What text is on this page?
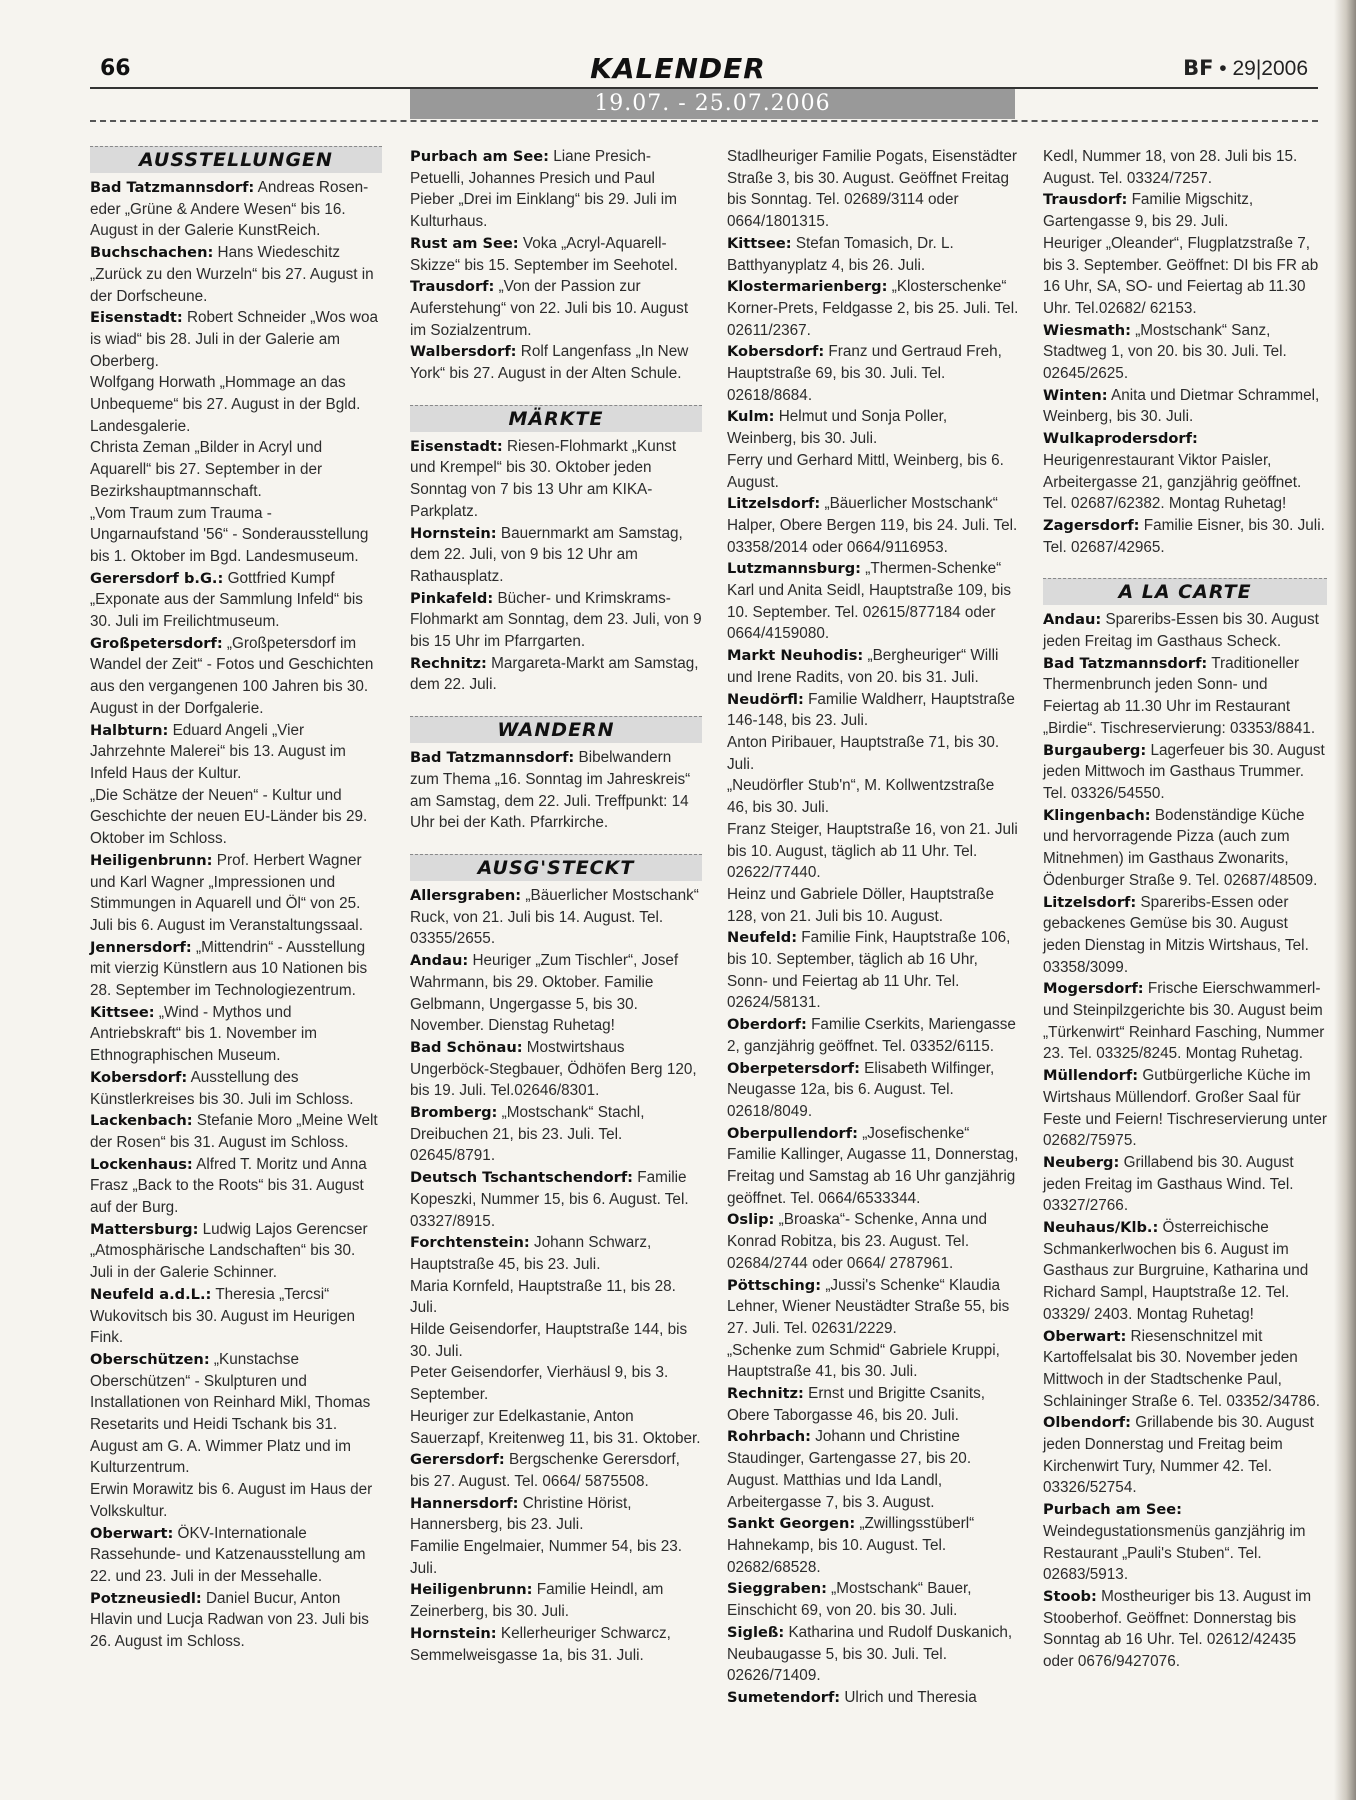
66	KALENDER	BF • 29|2006
19.07. - 25.07.2006
AUSSTELLUNGEN

Bad Tatzmannsdorf: Andreas Rosen-eder „Grüne & Andere Wesen“ bis 16. August in der Galerie KunstReich.

Buchschachen: Hans Wiedeschitz „Zurück zu den Wurzeln“ bis 27. August in der Dorfscheune.

Eisenstadt: Robert Schneider „Wos woa is wiad“ bis 28. Juli in der Galerie am Oberberg.

Wolfgang Horwath „Hommage an das Unbequeme“ bis 27. August in der Bgld. Landesgalerie.

Christa Zeman „Bilder in Acryl und Aquarell“ bis 27. September in der Bezirkshauptmannschaft.

„Vom Traum zum Trauma - Ungarnaufstand '56“ - Sonderausstellung bis 1. Oktober im Bgd. Landesmuseum.

Gerersdorf b.G.: Gottfried Kumpf „Exponate aus der Sammlung Infeld“ bis 30. Juli im Freilichtmuseum.

Großpetersdorf: „Großpetersdorf im Wandel der Zeit“ - Fotos und Geschichten aus den vergangenen 100 Jahren bis 30. August in der Dorfgalerie.

Halbturn: Eduard Angeli „Vier Jahrzehnte Malerei“ bis 13. August im Infeld Haus der Kultur.

„Die Schätze der Neuen“ - Kultur und Geschichte der neuen EU-Länder bis 29. Oktober im Schloss.

Heiligenbrunn: Prof. Herbert Wagner und Karl Wagner „Impressionen und Stimmungen in Aquarell und Öl“ von 25. Juli bis 6. August im Veranstaltungssaal.

Jennersdorf: „Mittendrin“ - Ausstellung mit vierzig Künstlern aus 10 Nationen bis 28. September im Technologiezentrum.

Kittsee: „Wind - Mythos und Antriebskraft“ bis 1. November im Ethnographischen Museum.

Kobersdorf: Ausstellung des Künstlerkreises bis 30. Juli im Schloss.

Lackenbach: Stefanie Moro „Meine Welt der Rosen“ bis 31. August im Schloss.

Lockenhaus: Alfred T. Moritz und Anna Frasz „Back to the Roots“ bis 31. August auf der Burg.

Mattersburg: Ludwig Lajos Gerencser „Atmosphärische Landschaften“ bis 30. Juli in der Galerie Schinner.

Neufeld a.d.L.: Theresia „Tercsi“ Wukovitsch bis 30. August im Heurigen Fink.

Oberschützen: „Kunstachse Oberschützen“ - Skulpturen und Installationen von Reinhard Mikl, Thomas Resetarits und Heidi Tschank bis 31. August am G. A. Wimmer Platz und im Kulturzentrum.

Erwin Morawitz bis 6. August im Haus der Volkskultur.

Oberwart: ÖKV-Internationale Rassehunde- und Katzenausstellung am 22. und 23. Juli in der Messehalle.

Potzneusiedl: Daniel Bucur, Anton Hlavin und Lucja Radwan von 23. Juli bis 26. August im Schloss.

Purbach am See: Liane Presich-Petuelli, Johannes Presich und Paul Pieber „Drei im Einklang“ bis 29. Juli im Kulturhaus.

Rust am See: Voka „Acryl-Aquarell-Skizze“ bis 15. September im Seehotel.

Trausdorf: „Von der Passion zur Auferstehung“ von 22. Juli bis 10. August im Sozialzentrum.

Walbersdorf: Rolf Langenfass „In New York“ bis 27. August in der Alten Schule.

MÄRKTE

Eisenstadt: Riesen-Flohmarkt „Kunst und Krempel“ bis 30. Oktober jeden Sonntag von 7 bis 13 Uhr am KIKA-Parkplatz.

Hornstein: Bauernmarkt am Samstag, dem 22. Juli, von 9 bis 12 Uhr am Rathausplatz.

Pinkafeld: Bücher- und Krimskrams-Flohmarkt am Sonntag, dem 23. Juli, von 9 bis 15 Uhr im Pfarrgarten.

Rechnitz: Margareta-Markt am Samstag, dem 22. Juli.

WANDERN

Bad Tatzmannsdorf: Bibelwandern zum Thema „16. Sonntag im Jahreskreis“ am Samstag, dem 22. Juli. Treffpunkt: 14 Uhr bei der Kath. Pfarrkirche.

AUSG'STECKT

Allersgraben: „Bäuerlicher Mostschank“ Ruck, von 21. Juli bis 14. August. Tel. 03355/2655.

Andau: Heuriger „Zum Tischler“, Josef Wahrmann, bis 29. Oktober. Familie Gelbmann, Ungergasse 5, bis 30. November. Dienstag Ruhetag!

Bad Schönau: Mostwirtshaus Ungerböck-Stegbauer, Ödhöfen Berg 120, bis 19. Juli. Tel.02646/8301.

Bromberg: „Mostschank“ Stachl, Dreibuchen 21, bis 23. Juli. Tel. 02645/8791.

Deutsch Tschantschendorf: Familie Kopeszki, Nummer 15, bis 6. August. Tel. 03327/8915.

Forchtenstein: Johann Schwarz, Hauptstraße 45, bis 23. Juli.

Maria Kornfeld, Hauptstraße 11, bis 28. Juli.

Hilde Geisendorfer, Hauptstraße 144, bis 30. Juli.

Peter Geisendorfer, Vierhäusl 9, bis 3. September.

Heuriger zur Edelkastanie, Anton Sauerzapf, Kreitenweg 11, bis 31. Oktober.

Gerersdorf: Bergschenke Gerersdorf, bis 27. August. Tel. 0664/ 5875508.

Hannersdorf: Christine Hörist, Hannersberg, bis 23. Juli.

Familie Engelmaier, Nummer 54, bis 23. Juli.

Heiligenbrunn: Familie Heindl, am Zeinerberg, bis 30. Juli.

Hornstein: Kellerheuriger Schwarcz, Semmelweisgasse 1a, bis 31. Juli.

Stadlheuriger Familie Pogats, Eisenstädter Straße 3, bis 30. August. Geöffnet Freitag bis Sonntag. Tel. 02689/3114 oder 0664/1801315.

Kittsee: Stefan Tomasich, Dr. L. Batthyanyplatz 4, bis 26. Juli.

Klostermarienberg: „Klosterschenke“ Korner-Prets, Feldgasse 2, bis 25. Juli. Tel. 02611/2367.

Kobersdorf: Franz und Gertraud Freh, Hauptstraße 69, bis 30. Juli. Tel. 02618/8684.

Kulm: Helmut und Sonja Poller, Weinberg, bis 30. Juli.

Ferry und Gerhard Mittl, Weinberg, bis 6. August.

Litzelsdorf: „Bäuerlicher Mostschank“ Halper, Obere Bergen 119, bis 24. Juli. Tel. 03358/2014 oder 0664/9116953.

Lutzmannsburg: „Thermen-Schenke“ Karl und Anita Seidl, Hauptstraße 109, bis 10. September. Tel. 02615/877184 oder 0664/4159080.

Markt Neuhodis: „Bergheuriger“ Willi und Irene Radits, von 20. bis 31. Juli.

Neudörfl: Familie Waldherr, Hauptstraße 146-148, bis 23. Juli.

Anton Piribauer, Hauptstraße 71, bis 30. Juli.

„Neudörfler Stub'n“, M. Kollwentzstraße 46, bis 30. Juli.

Franz Steiger, Hauptstraße 16, von 21. Juli bis 10. August, täglich ab 11 Uhr. Tel. 02622/77440.

Heinz und Gabriele Döller, Hauptstraße 128, von 21. Juli bis 10. August.

Neufeld: Familie Fink, Hauptstraße 106, bis 10. September, täglich ab 16 Uhr, Sonn- und Feiertag ab 11 Uhr. Tel. 02624/58131.

Oberdorf: Familie Cserkits, Mariengasse 2, ganzjährig geöffnet. Tel. 03352/6115.

Oberpetersdorf: Elisabeth Wilfinger, Neugasse 12a, bis 6. August. Tel. 02618/8049.

Oberpullendorf: „Josefischenke“ Familie Kallinger, Augasse 11, Donnerstag, Freitag und Samstag ab 16 Uhr ganzjährig geöffnet. Tel. 0664/6533344.

Oslip: „Broaska“- Schenke, Anna und Konrad Robitza, bis 23. August. Tel. 02684/2744 oder 0664/ 2787961.

Pöttsching: „Jussi's Schenke“ Klaudia Lehner, Wiener Neustädter Straße 55, bis 27. Juli. Tel. 02631/2229.

„Schenke zum Schmid“ Gabriele Kruppi, Hauptstraße 41, bis 30. Juli.

Rechnitz: Ernst und Brigitte Csanits, Obere Taborgasse 46, bis 20. Juli.

Rohrbach: Johann und Christine Staudinger, Gartengasse 27, bis 20. August. Matthias und Ida Landl, Arbeitergasse 7, bis 3. August.

Sankt Georgen: „Zwillingsstüberl“ Hahnekamp, bis 10. August. Tel. 02682/68528.

Sieggraben: „Mostschank“ Bauer, Einschicht 69, von 20. bis 30. Juli.

Sigleß: Katharina und Rudolf Duskanich, Neubaugasse 5, bis 30. Juli. Tel. 02626/71409.

Sumetendorf: Ulrich und Theresia

Kedl, Nummer 18, von 28. Juli bis 15. August. Tel. 03324/7257.

Trausdorf: Familie Migschitz, Gartengasse 9, bis 29. Juli.

Heuriger „Oleander“, Flugplatzstraße 7, bis 3. September. Geöffnet: DI bis FR ab 16 Uhr, SA, SO- und Feiertag ab 11.30 Uhr. Tel.02682/ 62153.

Wiesmath: „Mostschank“ Sanz, Stadtweg 1, von 20. bis 30. Juli. Tel. 02645/2625.

Winten: Anita und Dietmar Schrammel, Weinberg, bis 30. Juli.

Wulkaprodersdorf: Heurigenrestaurant Viktor Paisler, Arbeitergasse 21, ganzjährig geöffnet. Tel. 02687/62382. Montag Ruhetag!

Zagersdorf: Familie Eisner, bis 30. Juli. Tel. 02687/42965.

A LA CARTE

Andau: Spareribs-Essen bis 30. August jeden Freitag im Gasthaus Scheck.

Bad Tatzmannsdorf: Traditioneller Thermenbrunch jeden Sonn- und Feiertag ab 11.30 Uhr im Restaurant „Birdie“. Tischreservierung: 03353/8841.

Burgauberg: Lagerfeuer bis 30. August jeden Mittwoch im Gasthaus Trummer. Tel. 03326/54550.

Klingenbach: Bodenständige Küche und hervorragende Pizza (auch zum Mitnehmen) im Gasthaus Zwonarits, Ödenburger Straße 9. Tel. 02687/48509.

Litzelsdorf: Spareribs-Essen oder gebackenes Gemüse bis 30. August jeden Dienstag in Mitzis Wirtshaus, Tel. 03358/3099.

Mogersdorf: Frische Eierschwammerl- und Steinpilzgerichte bis 30. August beim „Türkenwirt“ Reinhard Fasching, Nummer 23. Tel. 03325/8245. Montag Ruhetag.

Müllendorf: Gutbürgerliche Küche im Wirtshaus Müllendorf. Großer Saal für Feste und Feiern! Tischreservierung unter 02682/75975.

Neuberg: Grillabend bis 30. August jeden Freitag im Gasthaus Wind. Tel. 03327/2766.

Neuhaus/Klb.: Österreichische Schmankerlwochen bis 6. August im Gasthaus zur Burgruine, Katharina und Richard Sampl, Hauptstraße 12. Tel. 03329/ 2403. Montag Ruhetag!

Oberwart: Riesenschnitzel mit Kartoffelsalat bis 30. November jeden Mittwoch in der Stadtschenke Paul, Schlaininger Straße 6. Tel. 03352/34786.

Olbendorf: Grillabende bis 30. August jeden Donnerstag und Freitag beim Kirchenwirt Tury, Nummer 42. Tel. 03326/52754.

Purbach am See: Weindegustationsmenüs ganzjährig im Restaurant „Pauli's Stuben“. Tel. 02683/5913.

Stoob: Mostheuriger bis 13. August im Stooberhof. Geöffnet: Donnerstag bis Sonntag ab 16 Uhr. Tel. 02612/42435 oder 0676/9427076.
